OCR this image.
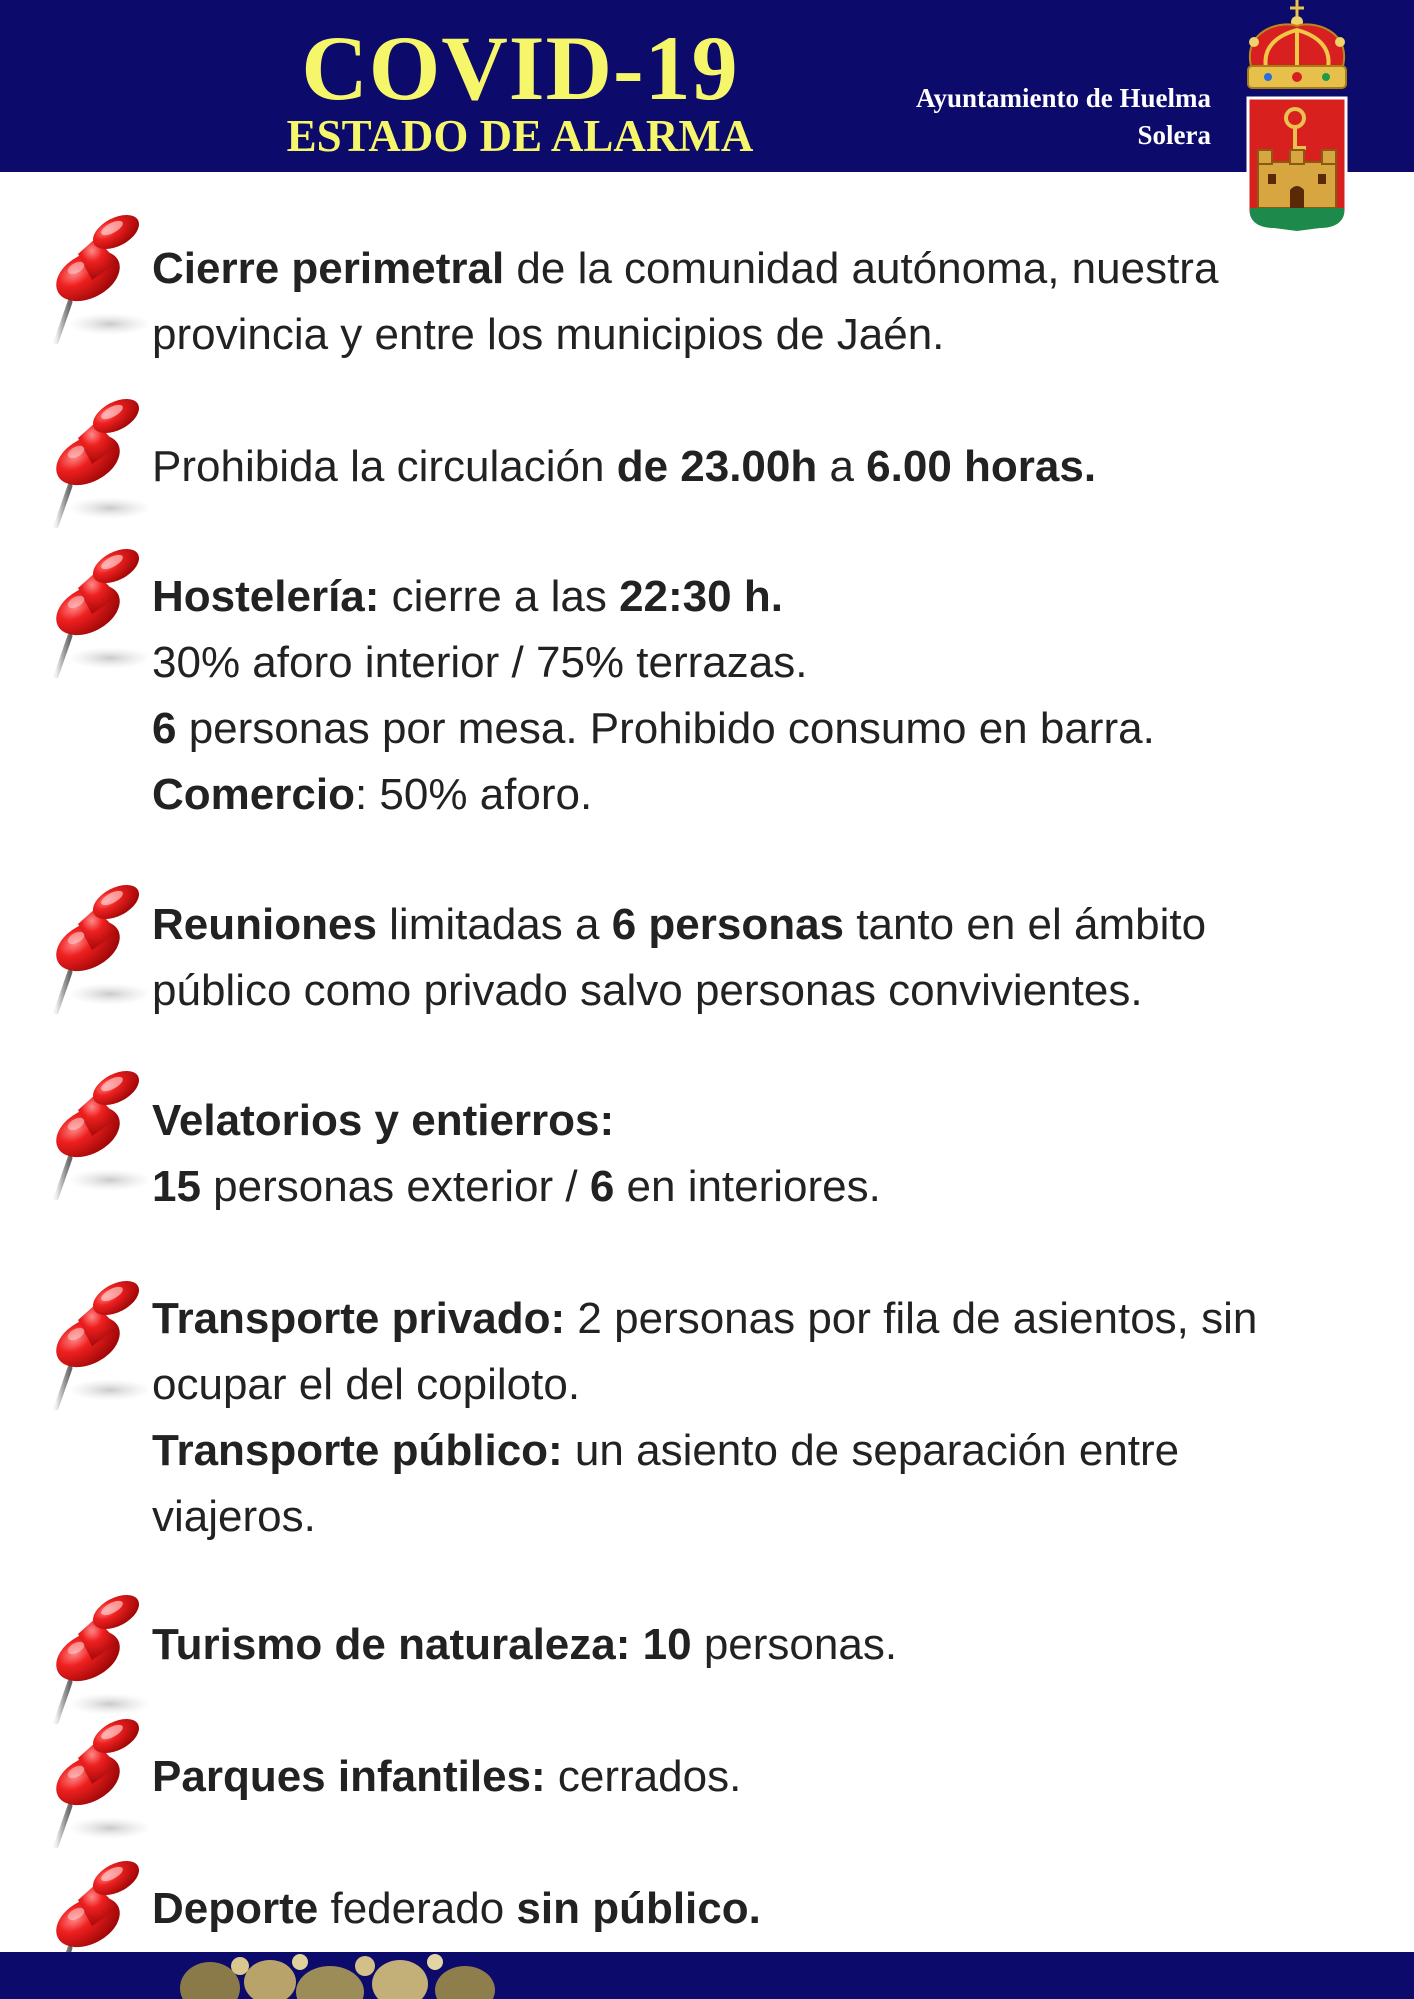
COVID-19
ESTADO DE ALARMA
Ayuntamiento de Huelma
Solera

Cierre perimetral de la comunidad autónoma, nuestra

provincia y entre los municipios de Jaén.

Prohibida la circulación de 23.00h a 6.00 horas.

Hostelería: cierre a las 22:30 h.

30% aforo interior / 75% terrazas.

6 personas por mesa. Prohibido consumo en barra.

Comercio: 50% aforo.

Reuniones limitadas a 6 personas tanto en el ámbito

público como privado salvo personas convivientes.

Velatorios y entierros:

15 personas exterior / 6 en interiores.

Transporte privado: 2 personas por fila de asientos, sin

ocupar el del copiloto.

Transporte público: un asiento de separación entre

viajeros.

Turismo de naturaleza: 10 personas.

Parques infantiles: cerrados.

Deporte federado sin público.
